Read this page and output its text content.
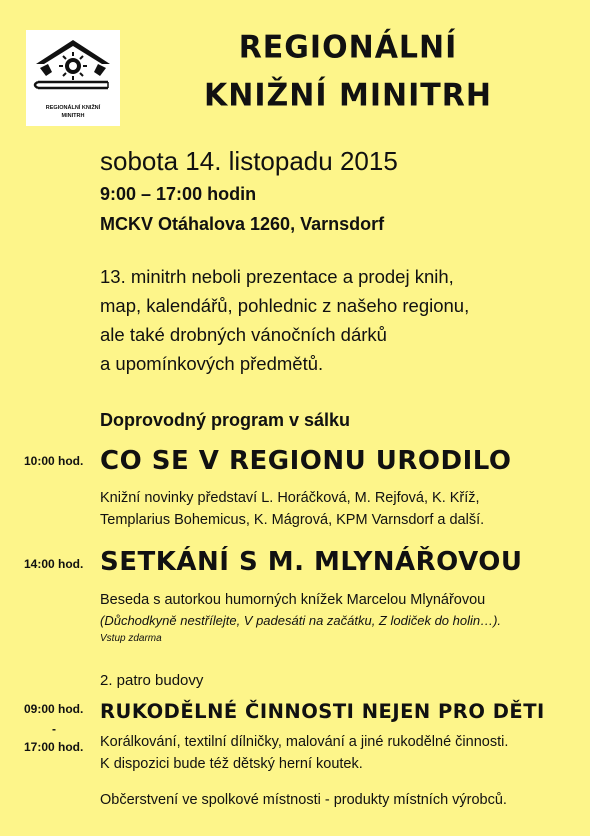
REGIONÁLNÍ KNIŽNÍ
MINITRH
REGIONÁLNÍ
KNIŽNÍ MINITRH
sobota 14. listopadu 2015
9:00 – 17:00 hodin
MCKV Otáhalova 1260, Varnsdorf
13. minitrh neboli prezentace a prodej knih,
map, kalendářů, pohlednic z našeho regionu,
ale také drobných vánočních dárků
a upomínkových předmětů.
Doprovodný program v sálku
10:00 hod. CO SE V REGIONU URODILO
Knižní novinky představí L. Horáčková, M. Rejfová, K. Kříž,
Templarius Bohemicus, K. Mágrová, KPM Varnsdorf a další.
14:00 hod. SETKÁNÍ S M. MLYNÁŘOVOU
Beseda s autorkou humorných knížek Marcelou Mlynářovou
(Důchodkyně nestřílejte, V padesáti na začátku, Z lodiček do holin…).
Vstup zdarma
2. patro budovy
09:00 hod.
-
17:00 hod.
RUKODĚLNÉ ČINNOSTI NEJEN PRO DĚTI
Korálkování, textilní dílničky, malování a jiné rukodělné činnosti.
K dispozici bude též dětský herní koutek.
Občerstvení ve spolkové místnosti - produkty místních výrobců.
